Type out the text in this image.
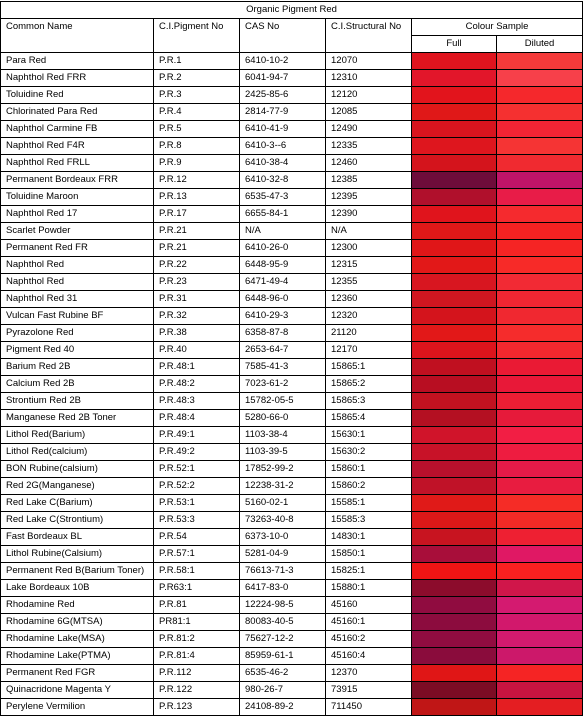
Organic Pigment Red					
Common Name	C.I.Pigment No	CAS No	C.I.Structural No	Colour Sample	
				Full	Diluted
Para Red	P.R.1	6410-10-2	12070		
Naphthol Red FRR	P.R.2	6041-94-7	12310		
Toluidine Red	P.R.3	2425-85-6	12120		
Chlorinated Para Red	P.R.4	2814-77-9	12085		
Naphthol Carmine FB	P.R.5	6410-41-9	12490		
Naphthol Red F4R	P.R.8	6410-3--6	12335		
Naphthol Red FRLL	P.R.9	6410-38-4	12460		
Permanent Bordeaux FRR	P.R.12	6410-32-8	12385		
Toluidine Maroon	P.R.13	6535-47-3	12395		
Naphthol Red 17	P.R.17	6655-84-1	12390		
Scarlet Powder	P.R.21	N/A	N/A		
Permanent Red FR	P.R.21	6410-26-0	12300		
Naphthol Red	P.R.22	6448-95-9	12315		
Naphthol Red	P.R.23	6471-49-4	12355		
Naphthol Red 31	P.R.31	6448-96-0	12360		
Vulcan Fast Rubine BF	P.R.32	6410-29-3	12320		
Pyrazolone Red	P.R.38	6358-87-8	21120		
Pigment Red 40	P.R.40	2653-64-7	12170		
Barium Red 2B	P.R.48:1	7585-41-3	15865:1		
Calcium Red 2B	P.R.48:2	7023-61-2	15865:2		
Strontium Red 2B	P.R.48:3	15782-05-5	15865:3		
Manganese Red 2B Toner	P.R.48:4	5280-66-0	15865:4		
Lithol Red(Barium)	P.R.49:1	1103-38-4	15630:1		
Lithol Red(calcium)	P.R.49:2	1103-39-5	15630:2		
BON Rubine(calsium)	P.R.52:1	17852-99-2	15860:1		
Red 2G(Manganese)	P.R.52:2	12238-31-2	15860:2		
Red Lake C(Barium)	P.R.53:1	5160-02-1	15585:1		
Red Lake C(Strontium)	P.R.53:3	73263-40-8	15585:3		
Fast Bordeaux BL	P.R.54	6373-10-0	14830:1		
Lithol Rubine(Calsium)	P.R.57:1	5281-04-9	15850:1		
Permanent Red B(Barium Toner)	P.R.58:1	76613-71-3	15825:1		
Lake Bordeaux 10B	P.R63:1	6417-83-0	15880:1		
Rhodamine Red	P.R.81	12224-98-5	45160		
Rhodamine 6G(MTSA)	PR81:1	80083-40-5	45160:1		
Rhodamine Lake(MSA)	P.R.81:2	75627-12-2	45160:2		
Rhodamine Lake(PTMA)	P.R.81:4	85959-61-1	45160:4		
Permanent Red FGR	P.R.112	6535-46-2	12370		
Quinacridone Magenta Y	P.R.122	980-26-7	73915		
Perylene Vermilion	P.R.123	24108-89-2	711450		
